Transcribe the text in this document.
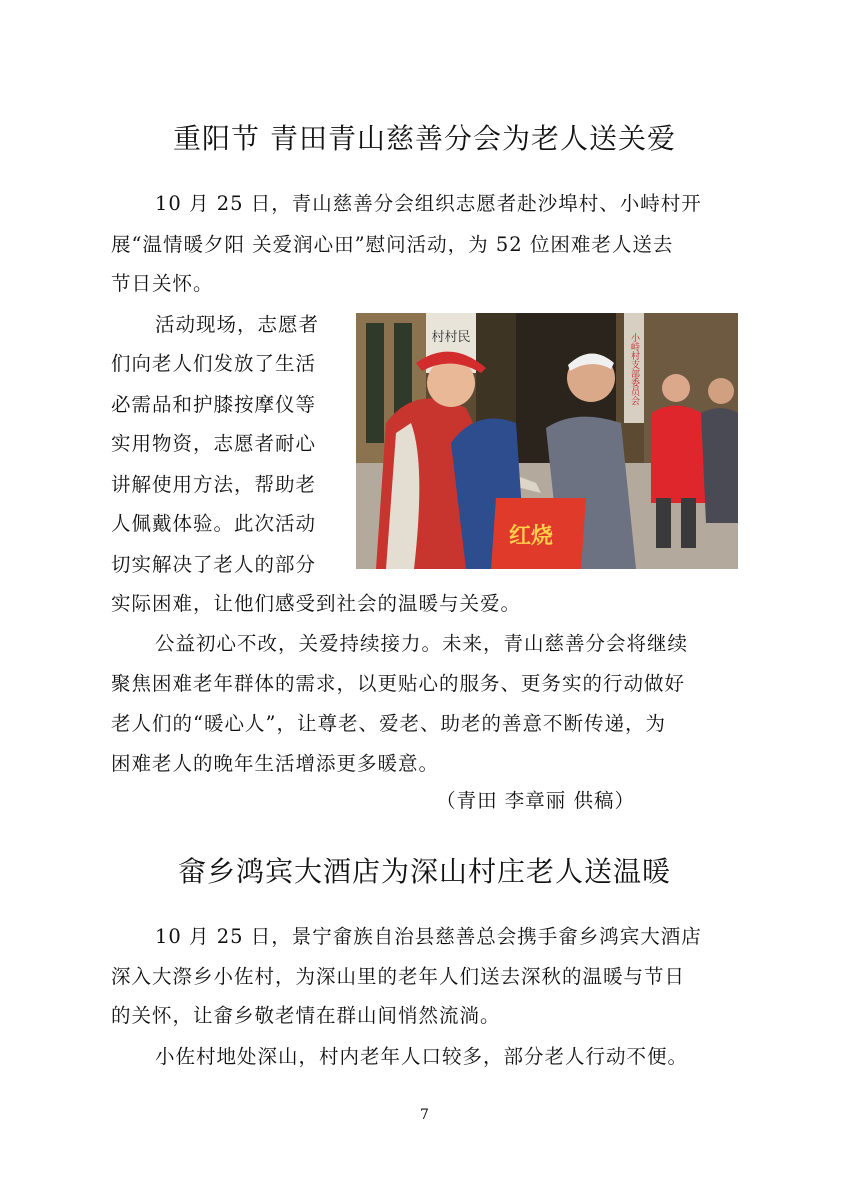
重阳节 青田青山慈善分会为老人送关爱
10 月 25 日，青山慈善分会组织志愿者赴沙埠村、小峙村开
展“温情暖夕阳 关爱润心田”慰问活动，为 52 位困难老人送去
节日关怀。
活动现场，志愿者
们向老人们发放了生活
必需品和护膝按摩仪等
实用物资，志愿者耐心
讲解使用方法，帮助老
人佩戴体验。此次活动
切实解决了老人的部分
实际困难，让他们感受到社会的温暖与关爱。
村村民	小峙村支部委员会
红烧
公益初心不改，关爱持续接力。未来，青山慈善分会将继续
聚焦困难老年群体的需求，以更贴心的服务、更务实的行动做好
老人们的“暖心人”，让尊老、爱老、助老的善意不断传递，为
困难老人的晚年生活增添更多暖意。
（青田 李章丽 供稿）
畲乡鸿宾大酒店为深山村庄老人送温暖
10 月 25 日，景宁畲族自治县慈善总会携手畲乡鸿宾大酒店
深入大漈乡小佐村，为深山里的老年人们送去深秋的温暖与节日
的关怀，让畲乡敬老情在群山间悄然流淌。
小佐村地处深山，村内老年人口较多，部分老人行动不便。
7
